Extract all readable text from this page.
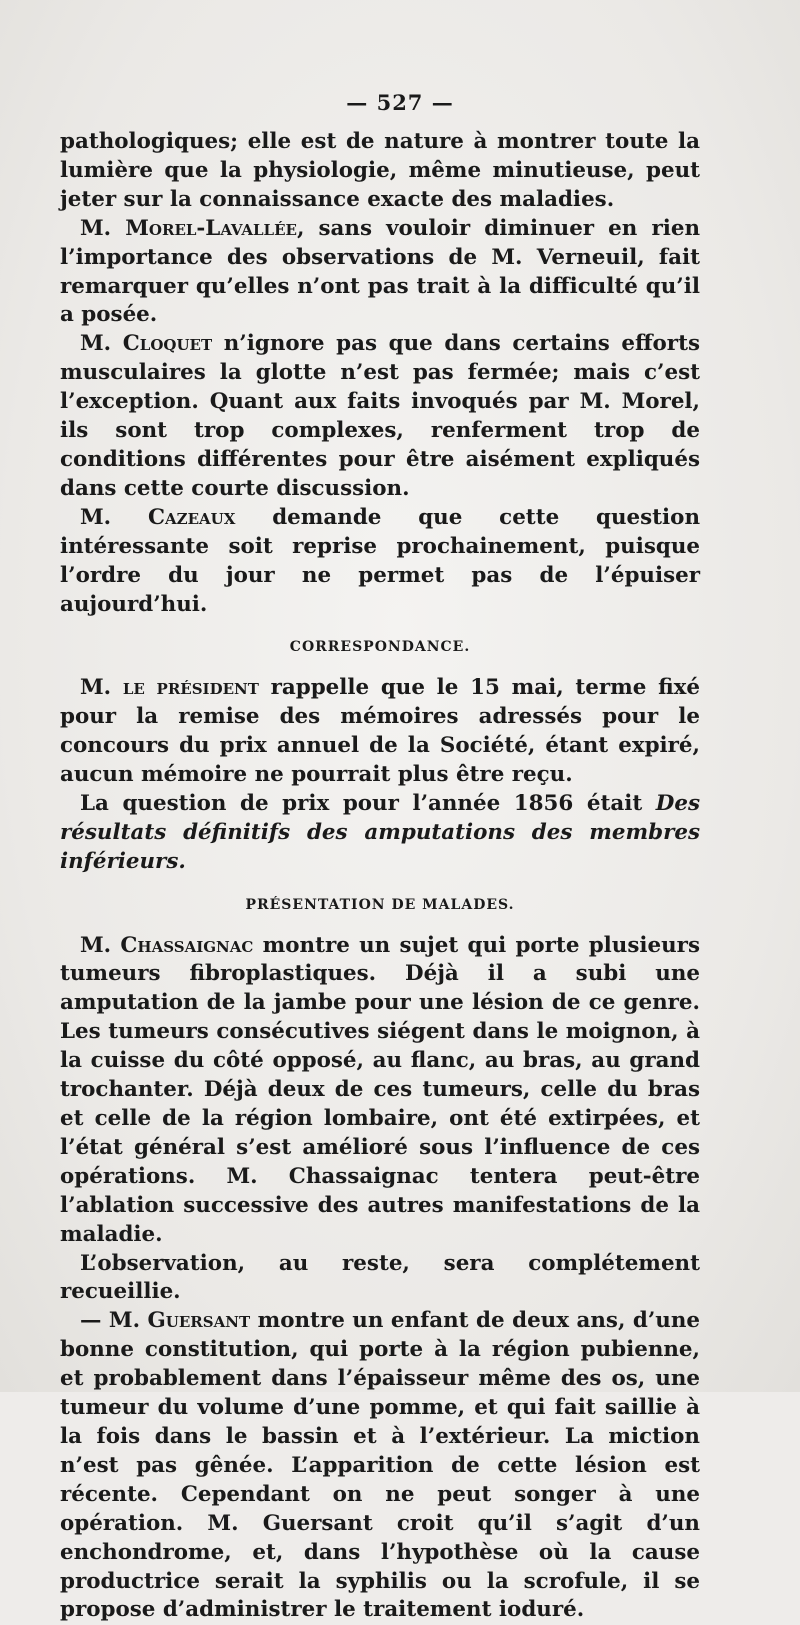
— 527 —

pathologiques; elle est de nature à montrer toute la lumière que la physiologie, même minutieuse, peut jeter sur la connaissance exacte des maladies.

M. Morel-Lavallée, sans vouloir diminuer en rien l’importance des observations de M. Verneuil, fait remarquer qu’elles n’ont pas trait à la difficulté qu’il a posée.

M. Cloquet n’ignore pas que dans certains efforts musculaires la glotte n’est pas fermée; mais c’est l’exception. Quant aux faits invoqués par M. Morel, ils sont trop complexes, renferment trop de conditions différentes pour être aisément expliqués dans cette courte discussion.

M. Cazeaux demande que cette question intéressante soit reprise prochainement, puisque l’ordre du jour ne permet pas de l’épuiser aujourd’hui.

CORRESPONDANCE.

M. le président rappelle que le 15 mai, terme fixé pour la remise des mémoires adressés pour le concours du prix annuel de la Société, étant expiré, aucun mémoire ne pourrait plus être reçu.

La question de prix pour l’année 1856 était Des résultats définitifs des amputations des membres inférieurs.

PRÉSENTATION DE MALADES.

M. Chassaignac montre un sujet qui porte plusieurs tumeurs fibroplastiques. Déjà il a subi une amputation de la jambe pour une lésion de ce genre. Les tumeurs consécutives siégent dans le moignon, à la cuisse du côté opposé, au flanc, au bras, au grand trochanter. Déjà deux de ces tumeurs, celle du bras et celle de la région lombaire, ont été extirpées, et l’état général s’est amélioré sous l’influence de ces opérations. M. Chassaignac tentera peut-être l’ablation successive des autres manifestations de la maladie.

L’observation, au reste, sera complétement recueillie.

— M. Guersant montre un enfant de deux ans, d’une bonne constitution, qui porte à la région pubienne, et probablement dans l’épaisseur même des os, une tumeur du volume d’une pomme, et qui fait saillie à la fois dans le bassin et à l’extérieur. La miction n’est pas gênée. L’apparition de cette lésion est récente. Cependant on ne peut songer à une opération. M. Guersant croit qu’il s’agit d’un enchondrome, et, dans l’hypothèse où la cause productrice serait la syphilis ou la scrofule, il se propose d’administrer le traitement ioduré.
